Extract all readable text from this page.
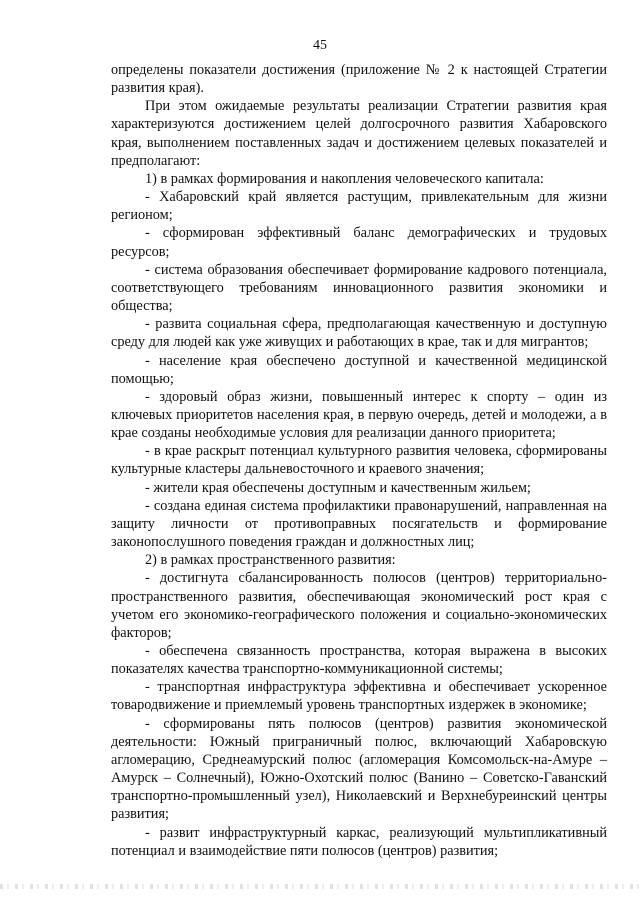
45

определены показатели достижения (приложение № 2 к настоящей Стратегии развития края).

При этом ожидаемые результаты реализации Стратегии развития края характеризуются достижением целей долгосрочного развития Хабаровского края, выполнением поставленных задач и достижением целевых показателей и предполагают:

1) в рамках формирования и накопления человеческого капитала:

- Хабаровский край является растущим, привлекательным для жизни регионом;

- сформирован эффективный баланс демографических и трудовых ресурсов;

- система образования обеспечивает формирование кадрового потенциала, соответствующего требованиям инновационного развития экономики и общества;

- развита социальная сфера, предполагающая качественную и доступную среду для людей как уже живущих и работающих в крае, так и для мигрантов;

- население края обеспечено доступной и качественной медицинской помощью;

- здоровый образ жизни, повышенный интерес к спорту – один из ключевых приоритетов населения края, в первую очередь, детей и молодежи, а в крае созданы необходимые условия для реализации данного приоритета;

- в крае раскрыт потенциал культурного развития человека, сформированы культурные кластеры дальневосточного и краевого значения;

- жители края обеспечены доступным и качественным жильем;

- создана единая система профилактики правонарушений, направленная на защиту личности от противоправных посягательств и формирование законопослушного поведения граждан и должностных лиц;

2) в рамках пространственного развития:

- достигнута сбалансированность полюсов (центров) территориально-пространственного развития, обеспечивающая экономический рост края с учетом его экономико-географического положения и социально-экономических факторов;

- обеспечена связанность пространства, которая выражена в высоких показателях качества транспортно-коммуникационной системы;

- транспортная инфраструктура эффективна и обеспечивает ускоренное товародвижение и приемлемый уровень транспортных издержек в экономике;

- сформированы пять полюсов (центров) развития экономической деятельности: Южный приграничный полюс, включающий Хабаровскую агломерацию, Среднеамурский полюс (агломерация Комсомольск-на-Амуре – Амурск – Солнечный), Южно-Охотский полюс (Ванино – Советско-Гаванский транспортно-промышленный узел), Николаевский и Верхнебуреинский центры развития;

- развит инфраструктурный каркас, реализующий мультипликативный потенциал и взаимодействие пяти полюсов (центров) развития;
